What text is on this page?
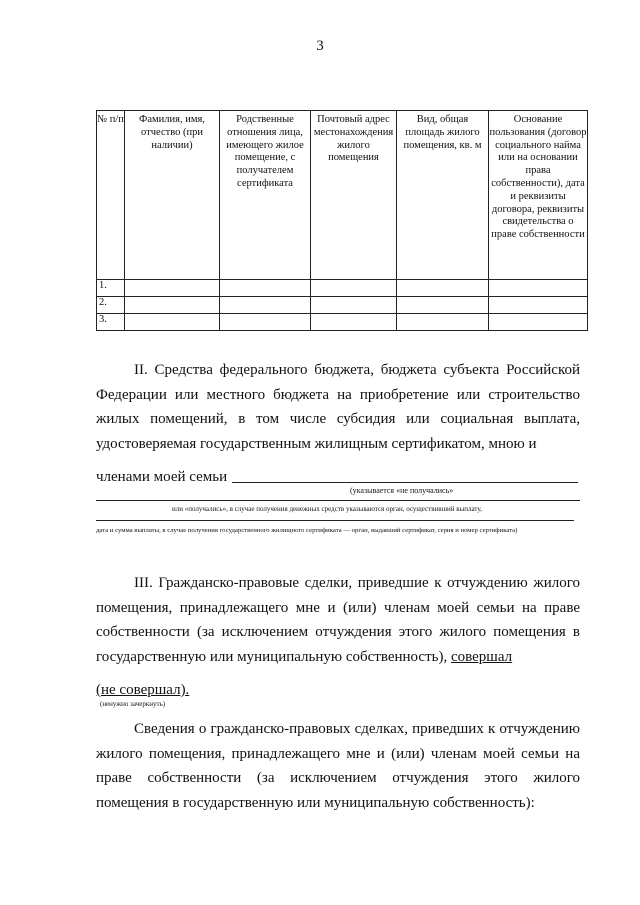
3
№ п/п	Фамилия, имя, отчество (при наличии)	Родственные отношения лица, имеющего жилое помещение, с получателем сертификата	Почтовый адрес местонахождения жилого помещения	Вид, общая площадь жилого помещения, кв. м	Основание пользования (договор социального найма или на основании права собственности), дата и реквизиты договора, реквизиты свидетельства о праве собственности
1.					
2.					
3.					
II. Средства федерального бюджета, бюджета субъекта Российской Федерации или местного бюджета на приобретение или строительство жилых помещений, в том числе субсидия или социальная выплата, удостоверяемая государственным жилищным сертификатом, мною и
членами моей семьи
(указывается «не получались»
или «получались», в случае получения денежных средств указываются орган, осуществивший выплату,
дата и сумма выплаты, в случае получения государственного жилищного сертификата — орган, выдавший сертификат, серия и номер сертификата)
III. Гражданско-правовые сделки, приведшие к отчуждению жилого помещения, принадлежащего мне и (или) членам моей семьи на праве собственности (за исключением отчуждения этого жилого помещения в государственную или муниципальную собственность), совершал
(не совершал).
(ненужно зачеркнуть)
Сведения о гражданско-правовых сделках, приведших к отчуждению жилого помещения, принадлежащего мне и (или) членам моей семьи на праве собственности (за исключением отчуждения этого жилого помещения в государственную или муниципальную собственность):
